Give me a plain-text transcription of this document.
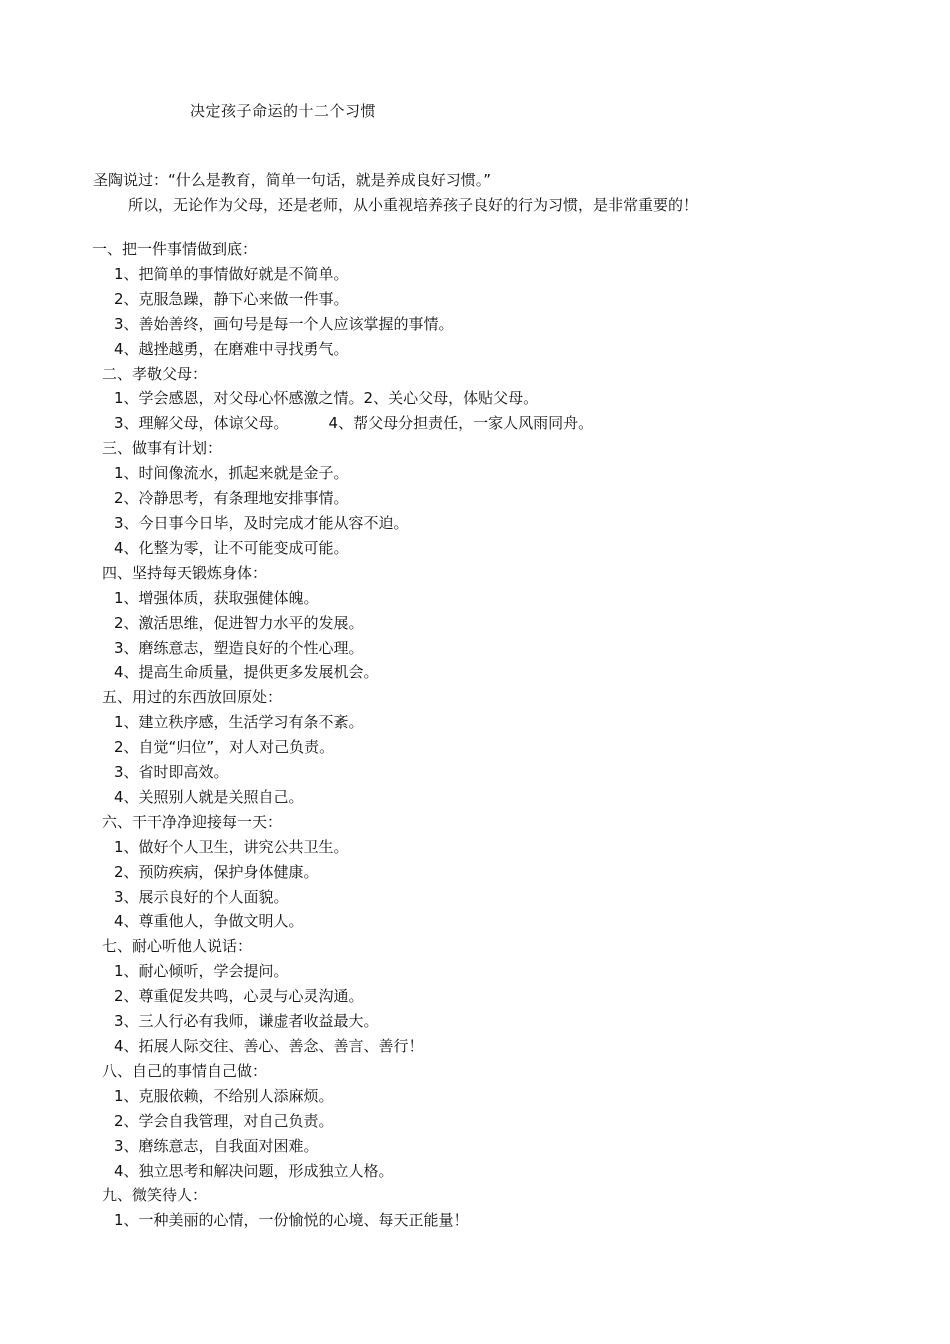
决定孩子命运的十二个习惯
圣陶说过：“什么是教育，简单一句话，就是养成良好习惯。”
所以，无论作为父母，还是老师，从小重视培养孩子良好的行为习惯，是非常重要的！
一、把一件事情做到底：
1、把简单的事情做好就是不简单。
2、克服急躁，静下心来做一件事。
3、善始善终，画句号是每一个人应该掌握的事情。
4、越挫越勇，在磨难中寻找勇气。
二、孝敬父母：
1、学会感恩，对父母心怀感激之情。2、关心父母，体贴父母。
3、理解父母，体谅父母。	4、帮父母分担责任，一家人风雨同舟。
三、做事有计划：
1、时间像流水，抓起来就是金子。
2、冷静思考，有条理地安排事情。
3、今日事今日毕，及时完成才能从容不迫。
4、化整为零，让不可能变成可能。
四、坚持每天锻炼身体：
1、增强体质，获取强健体魄。
2、激活思维，促进智力水平的发展。
3、磨练意志，塑造良好的个性心理。
4、提高生命质量，提供更多发展机会。
五、用过的东西放回原处：
1、建立秩序感，生活学习有条不紊。
2、自觉“归位”，对人对己负责。
3、省时即高效。
4、关照别人就是关照自己。
六、干干净净迎接每一天：
1、做好个人卫生，讲究公共卫生。
2、预防疾病，保护身体健康。
3、展示良好的个人面貌。
4、尊重他人，争做文明人。
七、耐心听他人说话：
1、耐心倾听，学会提问。
2、尊重促发共鸣，心灵与心灵沟通。
3、三人行必有我师，谦虚者收益最大。
4、拓展人际交往、善心、善念、善言、善行！
八、自己的事情自己做：
1、克服依赖，不给别人添麻烦。
2、学会自我管理，对自己负责。
3、磨练意志，自我面对困难。
4、独立思考和解决问题，形成独立人格。
九、微笑待人：
1、一种美丽的心情，一份愉悦的心境、每天正能量！
